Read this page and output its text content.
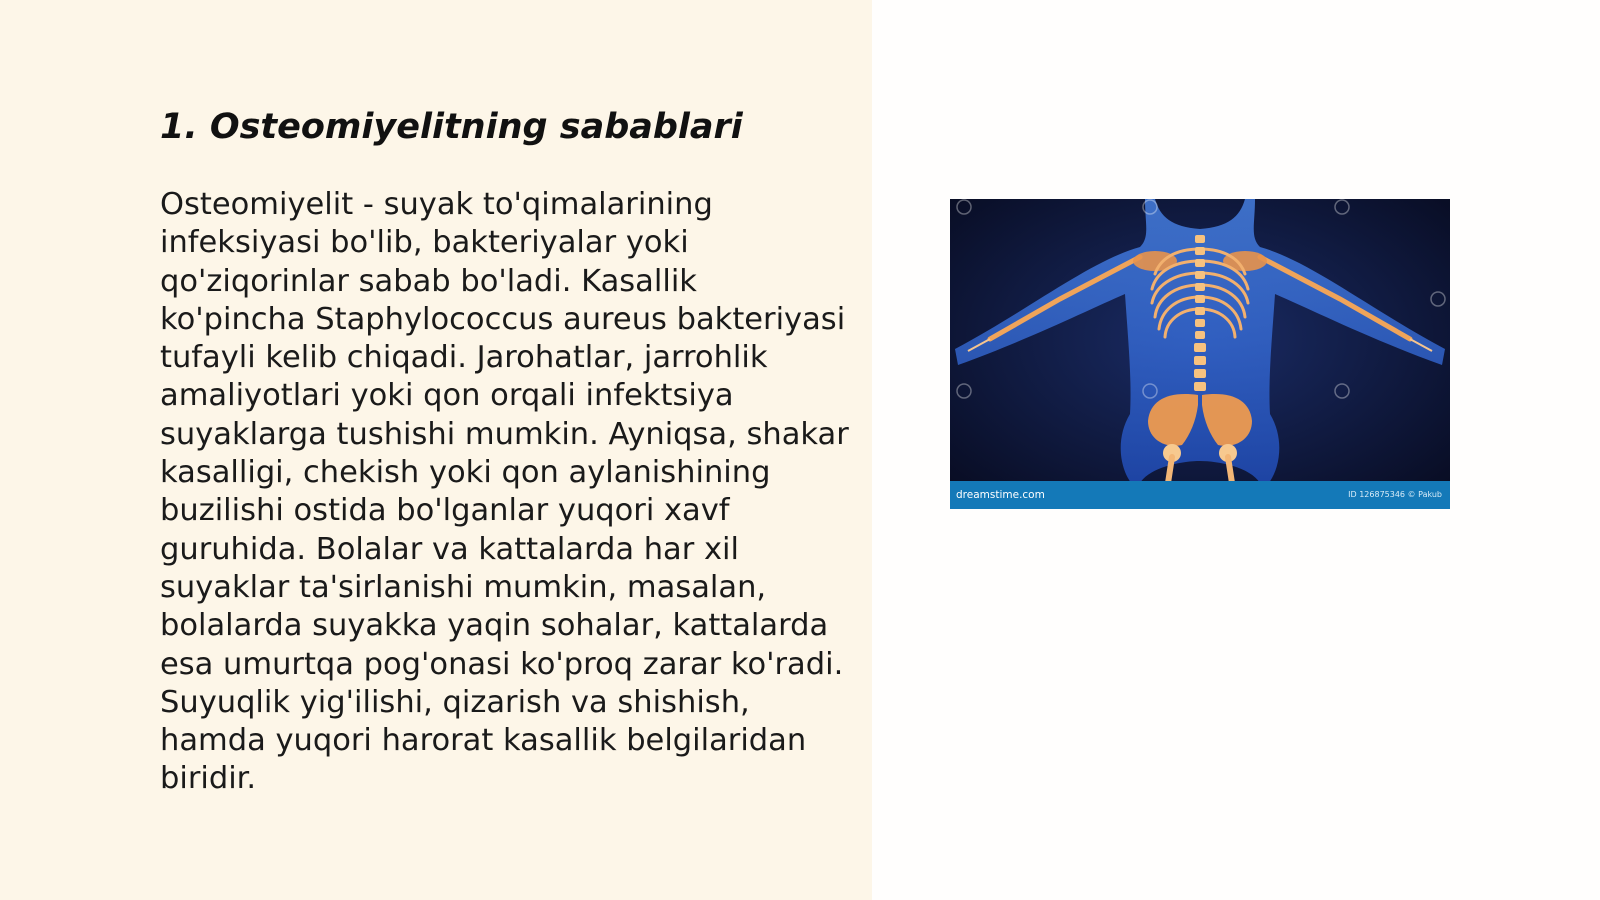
1. Osteomiyelitning sabablari

Osteomiyelit - suyak to'qimalarining infeksiyasi bo'lib, bakteriyalar yoki qo'ziqorinlar sabab bo'ladi. Kasallik ko'pincha Staphylococcus aureus bakteriyasi tufayli kelib chiqadi. Jarohatlar, jarrohlik amaliyotlari yoki qon orqali infektsiya suyaklarga tushishi mumkin. Ayniqsa, shakar kasalligi, chekish yoki qon aylanishining buzilishi ostida bo'lganlar yuqori xavf guruhida. Bolalar va kattalarda har xil suyaklar ta'sirlanishi mumkin, masalan, bolalarda suyakka yaqin sohalar, kattalarda esa umurtqa pog'onasi ko'proq zarar ko'radi. Suyuqlik yig'ilishi, qizarish va shishish, hamda yuqori harorat kasallik belgilaridan biridir.

dreamstime.com	ID 126875346 © Pakub
